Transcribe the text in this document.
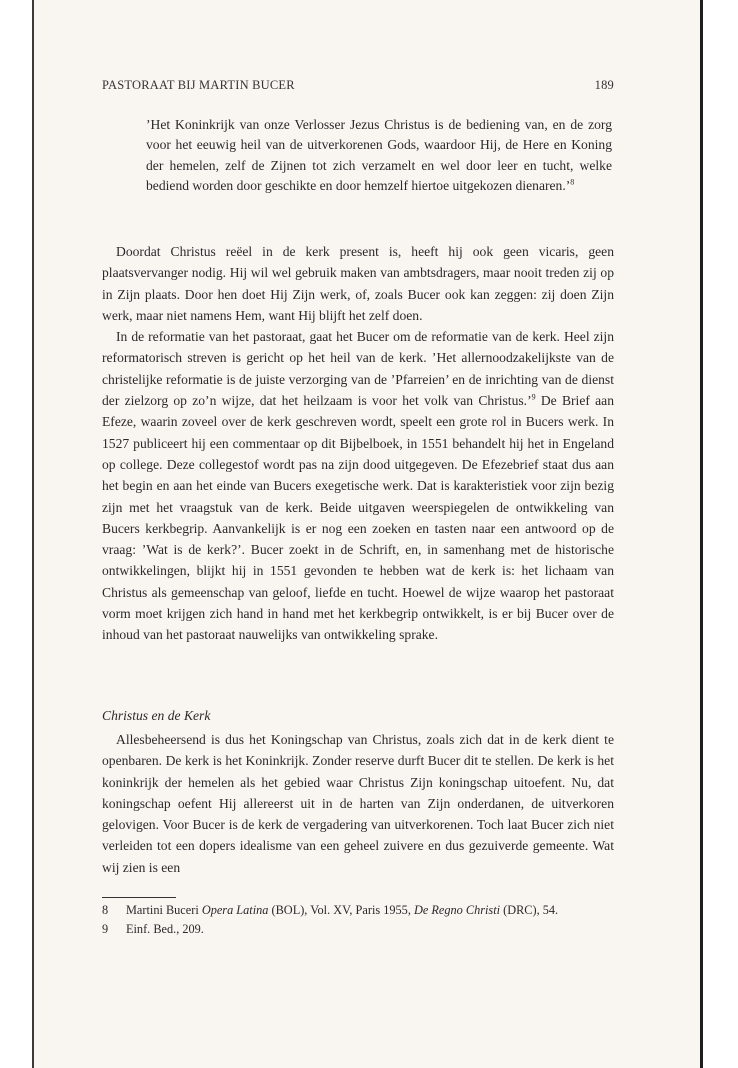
PASTORAAT BIJ MARTIN BUCER	189
’Het Koninkrijk van onze Verlosser Jezus Christus is de bediening van, en de zorg voor het eeuwig heil van de uitverkorenen Gods, waardoor Hij, de Here en Koning der hemelen, zelf de Zijnen tot zich verzamelt en wel door leer en tucht, welke bediend worden door geschikte en door hemzelf hiertoe uitgekozen dienaren.’$^8$

Doordat Christus reëel in de kerk present is, heeft hij ook geen vicaris, geen plaatsvervanger nodig. Hij wil wel gebruik maken van ambtsdragers, maar nooit treden zij op in Zijn plaats. Door hen doet Hij Zijn werk, of, zoals Bucer ook kan zeggen: zij doen Zijn werk, maar niet namens Hem, want Hij blijft het zelf doen.

In de reformatie van het pastoraat, gaat het Bucer om de reformatie van de kerk. Heel zijn reformatorisch streven is gericht op het heil van de kerk. ’Het allernoodzakelijkste van de christelijke reformatie is de juiste verzorging van de ’Pfarreien’ en de inrichting van de dienst der zielzorg op zo’n wijze, dat het heilzaam is voor het volk van Christus.’$^9$ De Brief aan Efeze, waarin zoveel over de kerk geschreven wordt, speelt een grote rol in Bucers werk. In 1527 publiceert hij een commentaar op dit Bijbelboek, in 1551 behandelt hij het in Engeland op college. Deze collegestof wordt pas na zijn dood uitgegeven. De Efezebrief staat dus aan het begin en aan het einde van Bucers exegetische werk. Dat is karakteristiek voor zijn bezig zijn met het vraagstuk van de kerk. Beide uitgaven weerspiegelen de ontwikkeling van Bucers kerkbegrip. Aanvankelijk is er nog een zoeken en tasten naar een antwoord op de vraag: ’Wat is de kerk?’. Bucer zoekt in de Schrift, en, in samenhang met de historische ontwikkelingen, blijkt hij in 1551 gevonden te hebben wat de kerk is: het lichaam van Christus als gemeenschap van geloof, liefde en tucht. Hoewel de wijze waarop het pastoraat vorm moet krijgen zich hand in hand met het kerkbegrip ontwikkelt, is er bij Bucer over de inhoud van het pastoraat nauwelijks van ontwikkeling sprake.

Christus en de Kerk

Allesbeheersend is dus het Koningschap van Christus, zoals zich dat in de kerk dient te openbaren. De kerk is het Koninkrijk. Zonder reserve durft Bucer dit te stellen. De kerk is het koninkrijk der hemelen als het gebied waar Christus Zijn koningschap uitoefent. Nu, dat koningschap oefent Hij allereerst uit in de harten van Zijn onderdanen, de uitverkoren gelovigen. Voor Bucer is de kerk de vergadering van uitverkorenen. Toch laat Bucer zich niet verleiden tot een dopers idealisme van een geheel zuivere en dus gezuiverde gemeente. Wat wij zien is een

8 Martini Buceri Opera Latina (BOL), Vol. XV, Paris 1955, De Regno Christi (DRC), 54.
9 Einf. Bed., 209.
